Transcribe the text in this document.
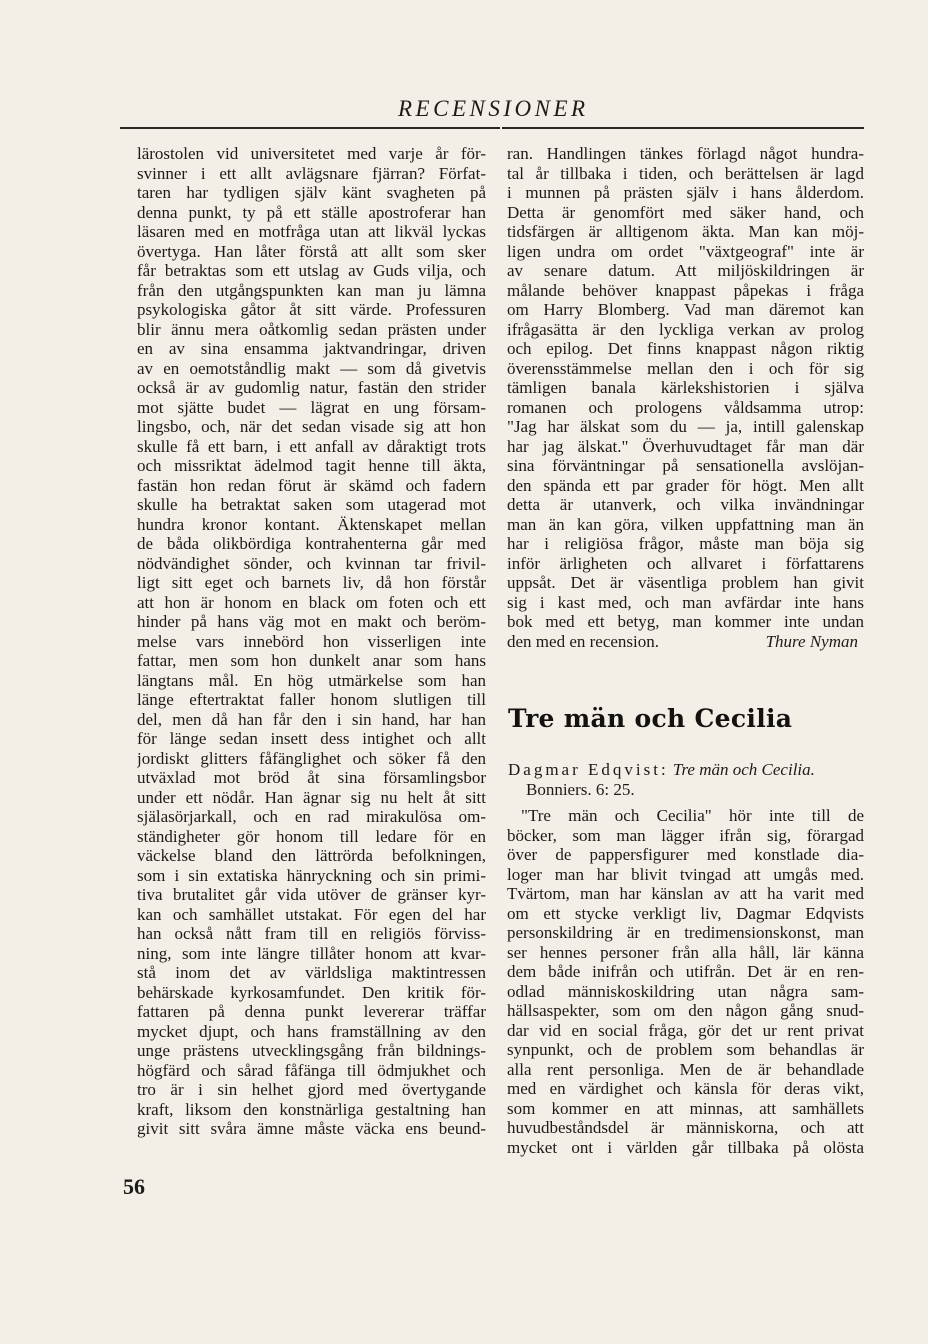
RECENSIONER
lärostolen vid universitetet med varje år för-
svinner i ett allt avlägsnare fjärran? Förfat-
taren har tydligen själv känt svagheten på
denna punkt, ty på ett ställe apostroferar han
läsaren med en motfråga utan att likväl lyckas
övertyga. Han låter förstå att allt som sker
får betraktas som ett utslag av Guds vilja, och
från den utgångspunkten kan man ju lämna
psykologiska gåtor åt sitt värde. Professuren
blir ännu mera oåtkomlig sedan prästen under
en av sina ensamma jaktvandringar, driven
av en oemotståndlig makt — som då givetvis
också är av gudomlig natur, fastän den strider
mot sjätte budet — lägrat en ung försam-
lingsbo, och, när det sedan visade sig att hon
skulle få ett barn, i ett anfall av dåraktigt trots
och missriktat ädelmod tagit henne till äkta,
fastän hon redan förut är skämd och fadern
skulle ha betraktat saken som utagerad mot
hundra kronor kontant. Äktenskapet mellan
de båda olikbördiga kontrahenterna går med
nödvändighet sönder, och kvinnan tar frivil-
ligt sitt eget och barnets liv, då hon förstår
att hon är honom en black om foten och ett
hinder på hans väg mot en makt och beröm-
melse vars innebörd hon visserligen inte
fattar, men som hon dunkelt anar som hans
längtans mål. En hög utmärkelse som han
länge eftertraktat faller honom slutligen till
del, men då han får den i sin hand, har han
för länge sedan insett dess intighet och allt
jordiskt glitters fåfänglighet och söker få den
utväxlad mot bröd åt sina församlingsbor
under ett nödår. Han ägnar sig nu helt åt sitt
själasörjarkall, och en rad mirakulösa om-
ständigheter gör honom till ledare för en
väckelse bland den lättrörda befolkningen,
som i sin extatiska hänryckning och sin primi-
tiva brutalitet går vida utöver de gränser kyr-
kan och samhället utstakat. För egen del har
han också nått fram till en religiös förviss-
ning, som inte längre tillåter honom att kvar-
stå inom det av världsliga maktintressen
behärskade kyrkosamfundet. Den kritik för-
fattaren på denna punkt levererar träffar
mycket djupt, och hans framställning av den
unge prästens utvecklingsgång från bildnings-
högfärd och sårad fåfänga till ödmjukhet och
tro är i sin helhet gjord med övertygande
kraft, liksom den konstnärliga gestaltning han
givit sitt svåra ämne måste väcka ens beund-
ran. Handlingen tänkes förlagd något hundra-
tal år tillbaka i tiden, och berättelsen är lagd
i munnen på prästen själv i hans ålderdom.
Detta är genomfört med säker hand, och
tidsfärgen är alltigenom äkta. Man kan möj-
ligen undra om ordet "växtgeograf" inte är
av senare datum. Att miljöskildringen är
målande behöver knappast påpekas i fråga
om Harry Blomberg. Vad man däremot kan
ifrågasätta är den lyckliga verkan av prolog
och epilog. Det finns knappast någon riktig
överensstämmelse mellan den i och för sig
tämligen banala kärlekshistorien i själva
romanen och prologens våldsamma utrop:
"Jag har älskat som du — ja, intill galenskap
har jag älskat." Överhuvudtaget får man där
sina förväntningar på sensationella avslöjan-
den spända ett par grader för högt. Men allt
detta är utanverk, och vilka invändningar
man än kan göra, vilken uppfattning man än
har i religiösa frågor, måste man böja sig
inför ärligheten och allvaret i författarens
uppsåt. Det är väsentliga problem han givit
sig i kast med, och man avfärdar inte hans
bok med ett betyg, man kommer inte undan
den med en recension.	Thure Nyman
Tre män och Cecilia
Dagmar Edqvist: Tre män och Cecilia.
Bonniers. 6: 25.
"Tre män och Cecilia" hör inte till de
böcker, som man lägger ifrån sig, förargad
över de pappersfigurer med konstlade dia-
loger man har blivit tvingad att umgås med.
Tvärtom, man har känslan av att ha varit med
om ett stycke verkligt liv, Dagmar Edqvists
personskildring är en tredimensionskonst, man
ser hennes personer från alla håll, lär känna
dem både inifrån och utifrån. Det är en ren-
odlad människoskildring utan några sam-
hällsaspekter, som om den någon gång snud-
dar vid en social fråga, gör det ur rent privat
synpunkt, och de problem som behandlas är
alla rent personliga. Men de är behandlade
med en värdighet och känsla för deras vikt,
som kommer en att minnas, att samhällets
huvudbeståndsdel är människorna, och att
mycket ont i världen går tillbaka på olösta
56
